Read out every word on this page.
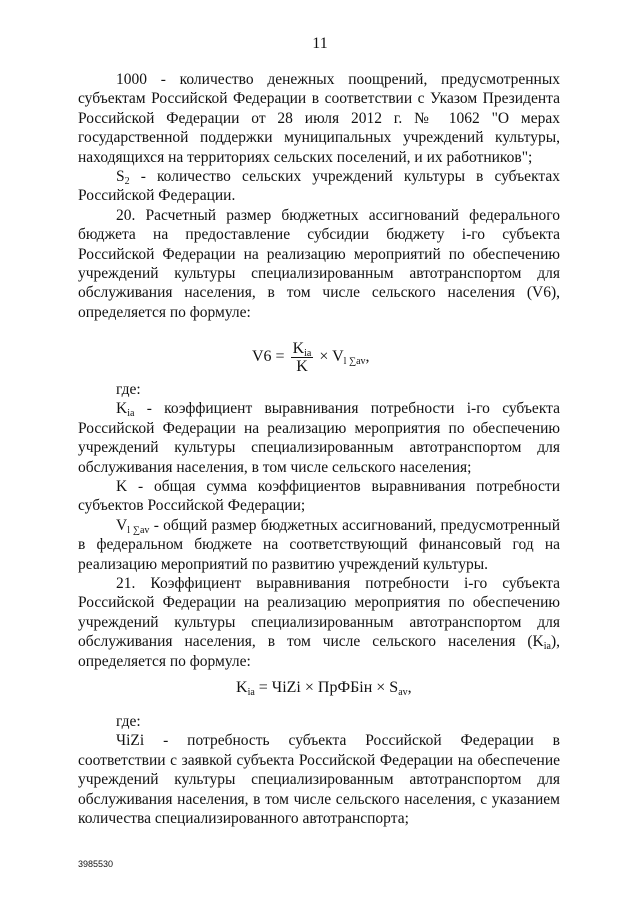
11

1000 - количество денежных поощрений, предусмотренных субъектам Российской Федерации в соответствии с Указом Президента Российской Федерации от 28 июля 2012 г. № 1062 "О мерах государственной поддержки муниципальных учреждений культуры, находящихся на территориях сельских поселений, и их работников";

$S_2$ - количество сельских учреждений культуры в субъектах Российской Федерации.

20. Расчетный размер бюджетных ассигнований федерального бюджета на предоставление субсидии бюджету i-го субъекта Российской Федерации на реализацию мероприятий по обеспечению учреждений культуры специализированным автотранспортом для обслуживания населения, в том числе сельского населения (V6), определяется по формуле:

$V6 = \frac{K_{ia}}{K} \times V_{l \sum av}$,

где:

$K_{ia}$ - коэффициент выравнивания потребности i-го субъекта Российской Федерации на реализацию мероприятия по обеспечению учреждений культуры специализированным автотранспортом для обслуживания населения, в том числе сельского населения;

K - общая сумма коэффициентов выравнивания потребности субъектов Российской Федерации;

$V_{l \sum av}$ - общий размер бюджетных ассигнований, предусмотренный в федеральном бюджете на соответствующий финансовый год на реализацию мероприятий по развитию учреждений культуры.

21. Коэффициент выравнивания потребности i-го субъекта Российской Федерации на реализацию мероприятия по обеспечению учреждений культуры специализированным автотранспортом для обслуживания населения, в том числе сельского населения $(K_{ia})$, определяется по формуле:

$K_{ia}$ = ЧiZi × ПрФБiн × $S_{av}$,

где:

ЧiZi - потребность субъекта Российской Федерации в соответствии с заявкой субъекта Российской Федерации на обеспечение учреждений культуры специализированным автотранспортом для обслуживания населения, в том числе сельского населения, с указанием количества специализированного автотранспорта;

3985530
